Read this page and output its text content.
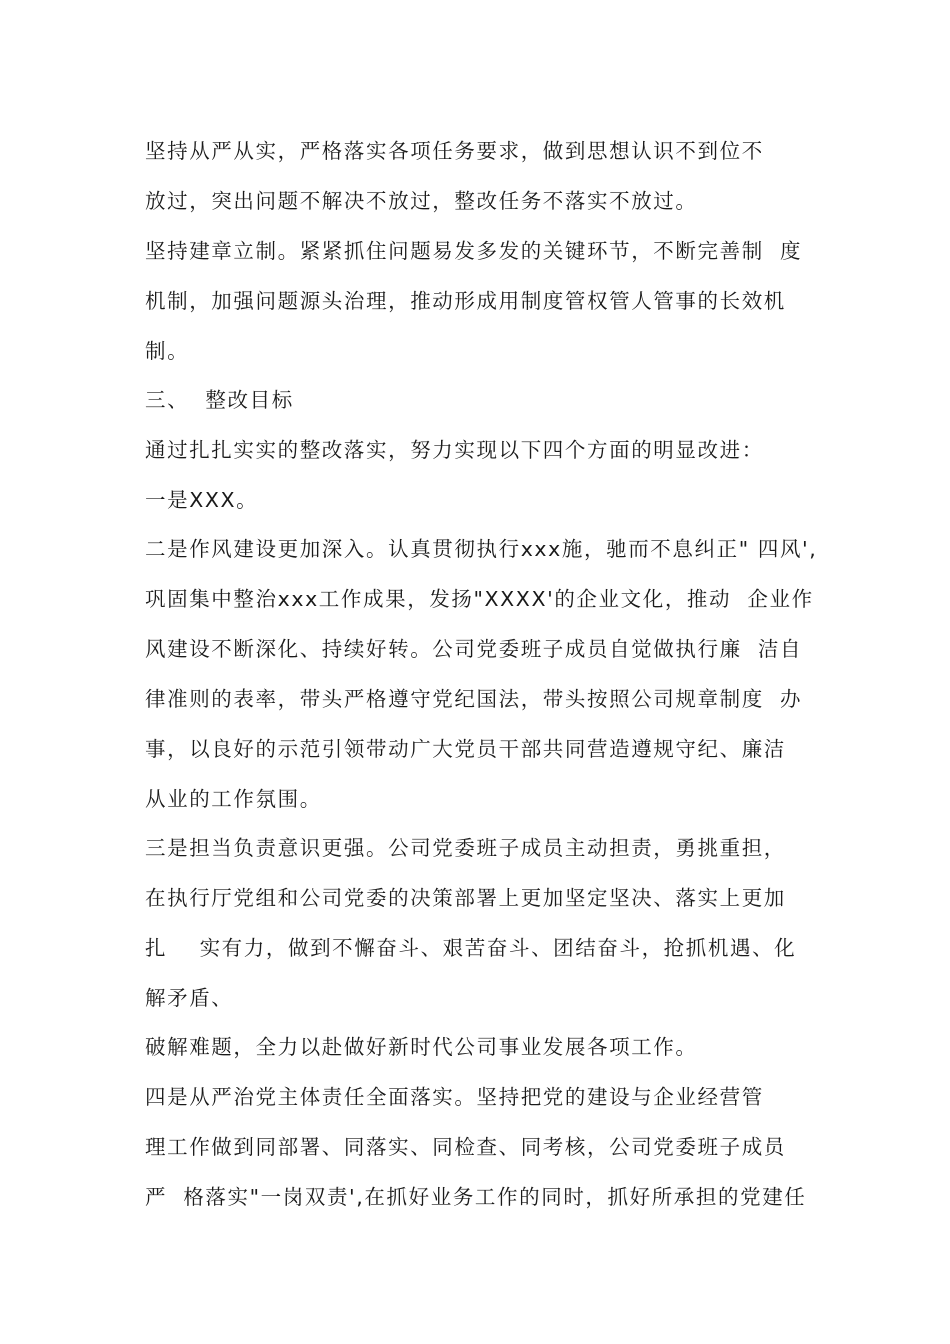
坚持从严从实，严格落实各项任务要求，做到思想认识不到位不
放过，突出问题不解决不放过，整改任务不落实不放过。
坚持建章立制。紧紧抓住问题易发多发的关键环节，不断完善制  度
机制，加强问题源头治理，推动形成用制度管权管人管事的长效机
制。
三、  整改目标
通过扎扎实实的整改落实，努力实现以下四个方面的明显改进：
一是XXX。
二是作风建设更加深入。认真贯彻执行xxx施，驰而不息纠正" 四风',
巩固集中整治xxx工作成果，发扬"XXXX'的企业文化，推动  企业作
风建设不断深化、持续好转。公司党委班子成员自觉做执行廉  洁自
律准则的表率，带头严格遵守党纪国法，带头按照公司规章制度  办
事，以良好的示范引领带动广大党员干部共同营造遵规守纪、廉洁
从业的工作氛围。
三是担当负责意识更强。公司党委班子成员主动担责，勇挑重担，
在执行厅党组和公司党委的决策部署上更加坚定坚决、落实上更加
扎    实有力，做到不懈奋斗、艰苦奋斗、团结奋斗，抢抓机遇、化
解矛盾、
破解难题，全力以赴做好新时代公司事业发展各项工作。
四是从严治党主体责任全面落实。坚持把党的建设与企业经营管
理工作做到同部署、同落实、同检查、同考核，公司党委班子成员
严  格落实"一岗双责',在抓好业务工作的同时，抓好所承担的党建任
